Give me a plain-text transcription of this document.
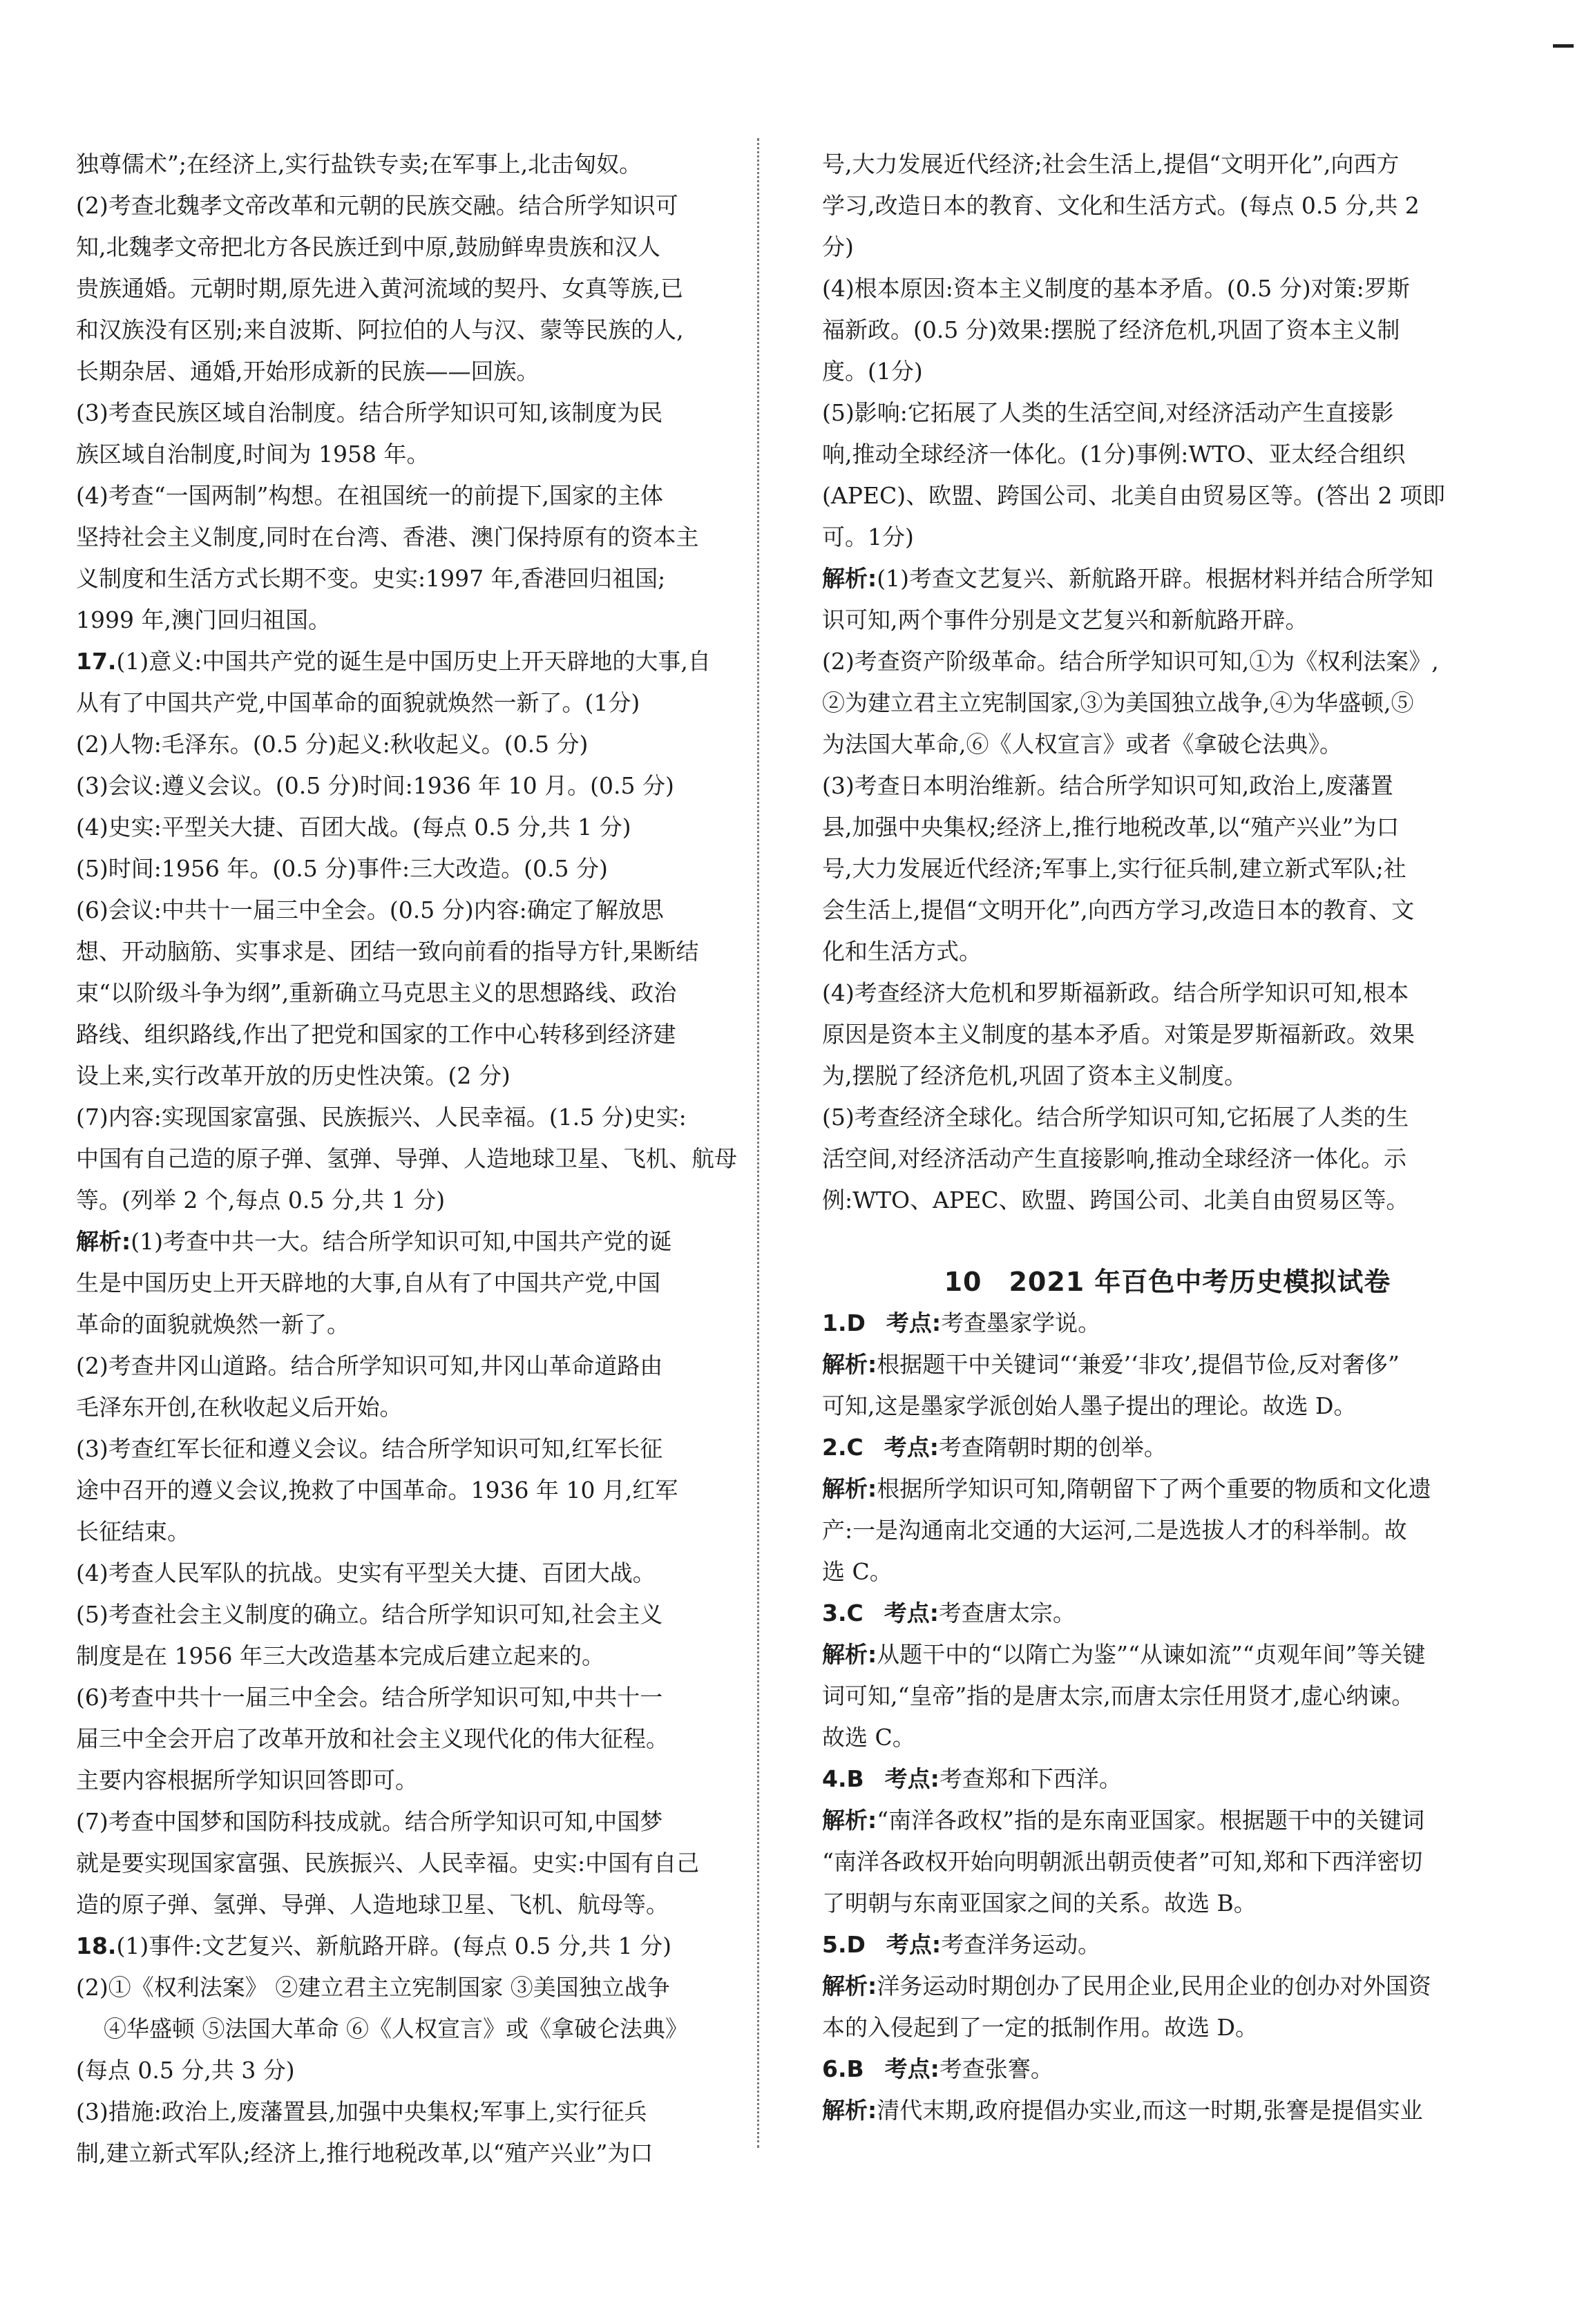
独尊儒术”;在经济上,实行盐铁专卖;在军事上,北击匈奴。
(2)考查北魏孝文帝改革和元朝的民族交融。结合所学知识可
知,北魏孝文帝把北方各民族迁到中原,鼓励鲜卑贵族和汉人
贵族通婚。元朝时期,原先进入黄河流域的契丹、女真等族,已
和汉族没有区别;来自波斯、阿拉伯的人与汉、蒙等民族的人,
长期杂居、通婚,开始形成新的民族——回族。
(3)考查民族区域自治制度。结合所学知识可知,该制度为民
族区域自治制度,时间为 1958 年。
(4)考查“一国两制”构想。在祖国统一的前提下,国家的主体
坚持社会主义制度,同时在台湾、香港、澳门保持原有的资本主
义制度和生活方式长期不变。史实:1997 年,香港回归祖国;
1999 年,澳门回归祖国。
17.(1)意义:中国共产党的诞生是中国历史上开天辟地的大事,自
从有了中国共产党,中国革命的面貌就焕然一新了。(1分)
(2)人物:毛泽东。(0.5 分)起义:秋收起义。(0.5 分)
(3)会议:遵义会议。(0.5 分)时间:1936 年 10 月。(0.5 分)
(4)史实:平型关大捷、百团大战。(每点 0.5 分,共 1 分)
(5)时间:1956 年。(0.5 分)事件:三大改造。(0.5 分)
(6)会议:中共十一届三中全会。(0.5 分)内容:确定了解放思
想、开动脑筋、实事求是、团结一致向前看的指导方针,果断结
束“以阶级斗争为纲”,重新确立马克思主义的思想路线、政治
路线、组织路线,作出了把党和国家的工作中心转移到经济建
设上来,实行改革开放的历史性决策。(2 分)
(7)内容:实现国家富强、民族振兴、人民幸福。(1.5 分)史实:
中国有自己造的原子弹、氢弹、导弹、人造地球卫星、飞机、航母
等。(列举 2 个,每点 0.5 分,共 1 分)
解析:(1)考查中共一大。结合所学知识可知,中国共产党的诞
生是中国历史上开天辟地的大事,自从有了中国共产党,中国
革命的面貌就焕然一新了。
(2)考查井冈山道路。结合所学知识可知,井冈山革命道路由
毛泽东开创,在秋收起义后开始。
(3)考查红军长征和遵义会议。结合所学知识可知,红军长征
途中召开的遵义会议,挽救了中国革命。1936 年 10 月,红军
长征结束。
(4)考查人民军队的抗战。史实有平型关大捷、百团大战。
(5)考查社会主义制度的确立。结合所学知识可知,社会主义
制度是在 1956 年三大改造基本完成后建立起来的。
(6)考查中共十一届三中全会。结合所学知识可知,中共十一
届三中全会开启了改革开放和社会主义现代化的伟大征程。
主要内容根据所学知识回答即可。
(7)考查中国梦和国防科技成就。结合所学知识可知,中国梦
就是要实现国家富强、民族振兴、人民幸福。史实:中国有自己
造的原子弹、氢弹、导弹、人造地球卫星、飞机、航母等。
18.(1)事件:文艺复兴、新航路开辟。(每点 0.5 分,共 1 分)
(2)①《权利法案》 ②建立君主立宪制国家 ③美国独立战争
④华盛顿 ⑤法国大革命 ⑥《人权宣言》或《拿破仑法典》
(每点 0.5 分,共 3 分)
(3)措施:政治上,废藩置县,加强中央集权;军事上,实行征兵
制,建立新式军队;经济上,推行地税改革,以“殖产兴业”为口
号,大力发展近代经济;社会生活上,提倡“文明开化”,向西方
学习,改造日本的教育、文化和生活方式。(每点 0.5 分,共 2
分)
(4)根本原因:资本主义制度的基本矛盾。(0.5 分)对策:罗斯
福新政。(0.5 分)效果:摆脱了经济危机,巩固了资本主义制
度。(1分)
(5)影响:它拓展了人类的生活空间,对经济活动产生直接影
响,推动全球经济一体化。(1分)事例:WTO、亚太经合组织
(APEC)、欧盟、跨国公司、北美自由贸易区等。(答出 2 项即
可。1分)
解析:(1)考查文艺复兴、新航路开辟。根据材料并结合所学知
识可知,两个事件分别是文艺复兴和新航路开辟。
(2)考查资产阶级革命。结合所学知识可知,①为《权利法案》,
②为建立君主立宪制国家,③为美国独立战争,④为华盛顿,⑤
为法国大革命,⑥《人权宣言》或者《拿破仑法典》。
(3)考查日本明治维新。结合所学知识可知,政治上,废藩置
县,加强中央集权;经济上,推行地税改革,以“殖产兴业”为口
号,大力发展近代经济;军事上,实行征兵制,建立新式军队;社
会生活上,提倡“文明开化”,向西方学习,改造日本的教育、文
化和生活方式。
(4)考查经济大危机和罗斯福新政。结合所学知识可知,根本
原因是资本主义制度的基本矛盾。对策是罗斯福新政。效果
为,摆脱了经济危机,巩固了资本主义制度。
(5)考查经济全球化。结合所学知识可知,它拓展了人类的生
活空间,对经济活动产生直接影响,推动全球经济一体化。示
例:WTO、APEC、欧盟、跨国公司、北美自由贸易区等。
10　2021 年百色中考历史模拟试卷
1.D 考点:考查墨家学说。
解析:根据题干中关键词“‘兼爱’‘非攻’,提倡节俭,反对奢侈”
可知,这是墨家学派创始人墨子提出的理论。故选 D。
2.C 考点:考查隋朝时期的创举。
解析:根据所学知识可知,隋朝留下了两个重要的物质和文化遗
产:一是沟通南北交通的大运河,二是选拔人才的科举制。故
选 C。
3.C 考点:考查唐太宗。
解析:从题干中的“以隋亡为鉴”“从谏如流”“贞观年间”等关键
词可知,“皇帝”指的是唐太宗,而唐太宗任用贤才,虚心纳谏。
故选 C。
4.B 考点:考查郑和下西洋。
解析:“南洋各政权”指的是东南亚国家。根据题干中的关键词
“南洋各政权开始向明朝派出朝贡使者”可知,郑和下西洋密切
了明朝与东南亚国家之间的关系。故选 B。
5.D 考点:考查洋务运动。
解析:洋务运动时期创办了民用企业,民用企业的创办对外国资
本的入侵起到了一定的抵制作用。故选 D。
6.B 考点:考查张謇。
解析:清代末期,政府提倡办实业,而这一时期,张謇是提倡实业
